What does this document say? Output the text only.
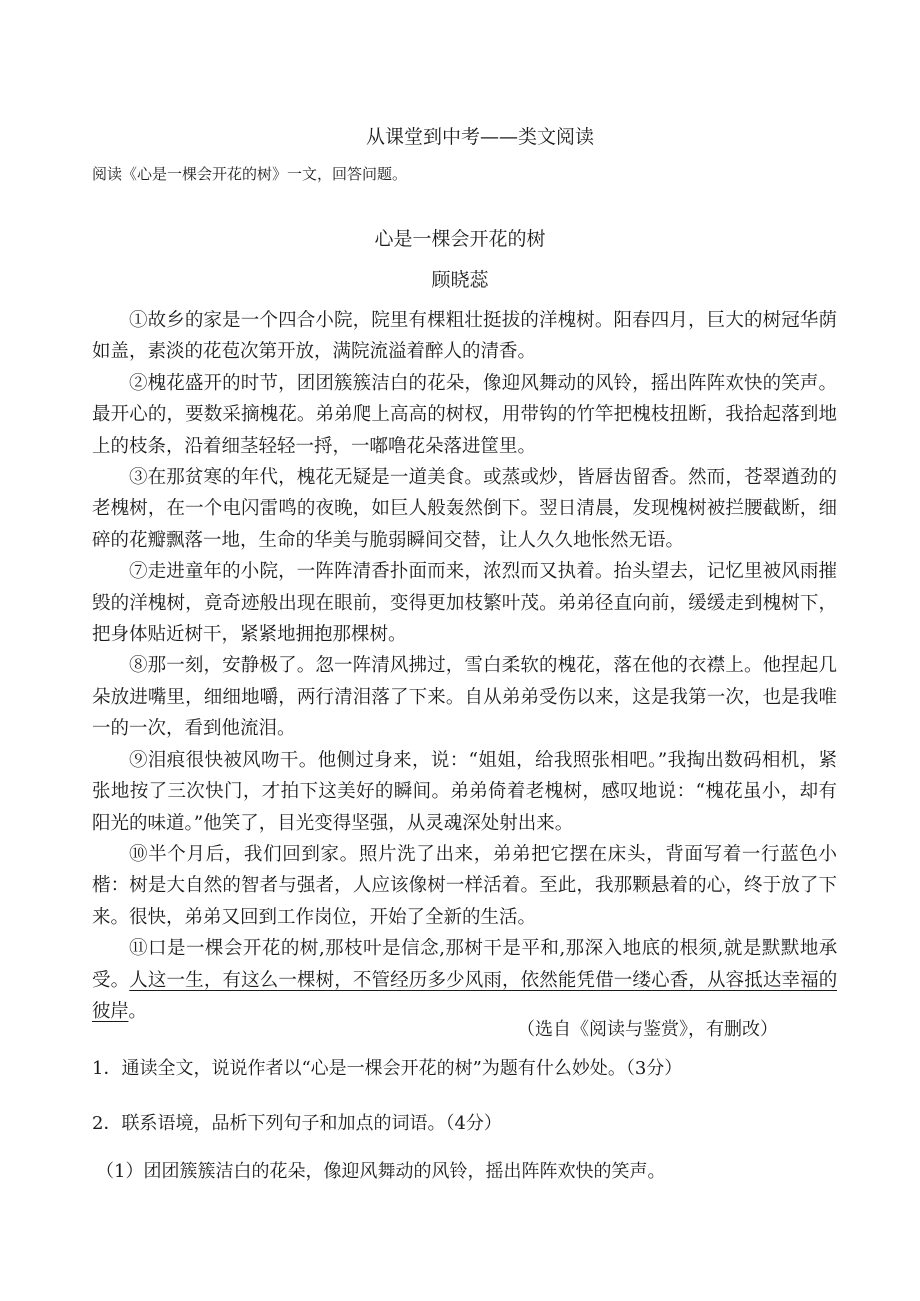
从课堂到中考——类文阅读
阅读《心是一棵会开花的树》一文，回答问题。
心是一棵会开花的树
顾晓蕊

①故乡的家是一个四合小院，院里有棵粗壮挺拔的洋槐树。阳春四月，巨大的树冠华荫如盖，素淡的花苞次第开放，满院流溢着醉人的清香。

②槐花盛开的时节，团团簇簇洁白的花朵，像迎风舞动的风铃，摇出阵阵欢快的笑声。最开心的，要数采摘槐花。弟弟爬上高高的树杈，用带钩的竹竿把槐枝扭断，我拾起落到地上的枝条，沿着细茎轻轻一捋，一嘟噜花朵落进筐里。

③在那贫寒的年代，槐花无疑是一道美食。或蒸或炒，皆唇齿留香。然而，苍翠遒劲的老槐树，在一个电闪雷鸣的夜晚，如巨人般轰然倒下。翌日清晨，发现槐树被拦腰截断，细碎的花瓣飘落一地，生命的华美与脆弱瞬间交替，让人久久地怅然无语。

⑦走进童年的小院，一阵阵清香扑面而来，浓烈而又执着。抬头望去，记忆里被风雨摧毁的洋槐树，竟奇迹般出现在眼前，变得更加枝繁叶茂。弟弟径直向前，缓缓走到槐树下，把身体贴近树干，紧紧地拥抱那棵树。

⑧那一刻，安静极了。忽一阵清风拂过，雪白柔软的槐花，落在他的衣襟上。他捏起几朵放进嘴里，细细地嚼，两行清泪落了下来。自从弟弟受伤以来，这是我第一次，也是我唯一的一次，看到他流泪。

⑨泪痕很快被风吻干。他侧过身来，说：“姐姐，给我照张相吧。”我掏出数码相机，紧张地按了三次快门，才拍下这美好的瞬间。弟弟倚着老槐树，感叹地说：“槐花虽小，却有阳光的味道。”他笑了，目光变得坚强，从灵魂深处射出来。

⑩半个月后，我们回到家。照片洗了出来，弟弟把它摆在床头，背面写着一行蓝色小楷：树是大自然的智者与强者，人应该像树一样活着。至此，我那颗悬着的心，终于放了下来。很快，弟弟又回到工作岗位，开始了全新的生活。

⑪口是一棵会开花的树,那枝叶是信念,那树干是平和,那深入地底的根须,就是默默地承受。人这一生，有这么一棵树，不管经历多少风雨，依然能凭借一缕心香，从容抵达幸福的彼岸。

（选自《阅读与鉴赏》，有删改）
1．通读全文，说说作者以“心是一棵会开花的树”为题有什么妙处。（3分）
2．联系语境，品析下列句子和加点的词语。（4分）
（1）团团簇簇洁白的花朵，像迎风舞动的风铃，摇出阵阵欢快的笑声。
